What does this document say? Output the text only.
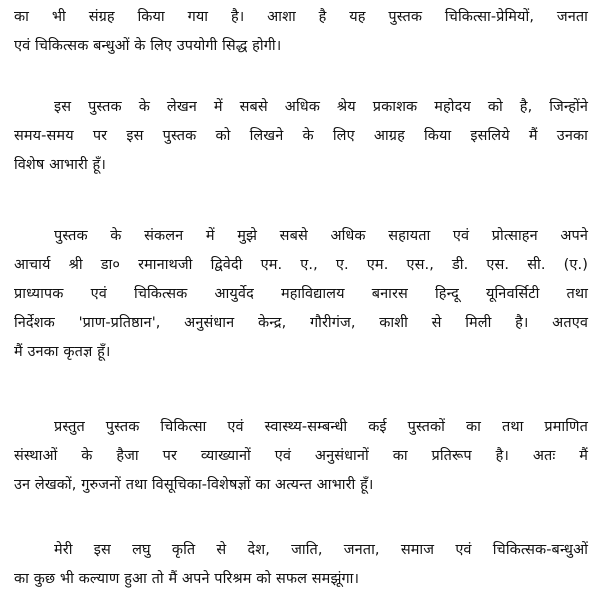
का भी संग्रह किया गया है। आशा है यह पुस्तक चिकित्सा-प्रेमियों, जनता
एवं चिकित्सक बन्धुओं के लिए उपयोगी सिद्ध होगी।
इस पुस्तक के लेखन में सबसे अधिक श्रेय प्रकाशक महोदय को है, जिन्होंने
समय-समय पर इस पुस्तक को लिखने के लिए आग्रह किया इसलिये मैं उनका
विशेष आभारी हूँ।
पुस्तक के संकलन में मुझे सबसे अधिक सहायता एवं प्रोत्साहन अपने
आचार्य श्री डा० रमानाथजी द्विवेदी एम. ए., ए. एम. एस., डी. एस. सी. (ए.)
प्राध्यापक एवं चिकित्सक आयुर्वेद महाविद्यालय बनारस हिन्दू यूनिवर्सिटी तथा
निर्देशक 'प्राण-प्रतिष्ठान', अनुसंधान केन्द्र, गौरीगंज, काशी से मिली है। अतएव
मैं उनका कृतज्ञ हूँ।
प्रस्तुत पुस्तक चिकित्सा एवं स्वास्थ्य-सम्बन्धी कई पुस्तकों का तथा प्रमाणित
संस्थाओं के हैजा पर व्याख्यानों एवं अनुसंधानों का प्रतिरूप है। अतः मैं
उन लेखकों, गुरुजनों तथा विसूचिका-विशेषज्ञों का अत्यन्त आभारी हूँ।
मेरी इस लघु कृति से देश, जाति, जनता, समाज एवं चिकित्सक-बन्धुओं
का कुछ भी कल्याण हुआ तो मैं अपने परिश्रम को सफल समझूंगा।
